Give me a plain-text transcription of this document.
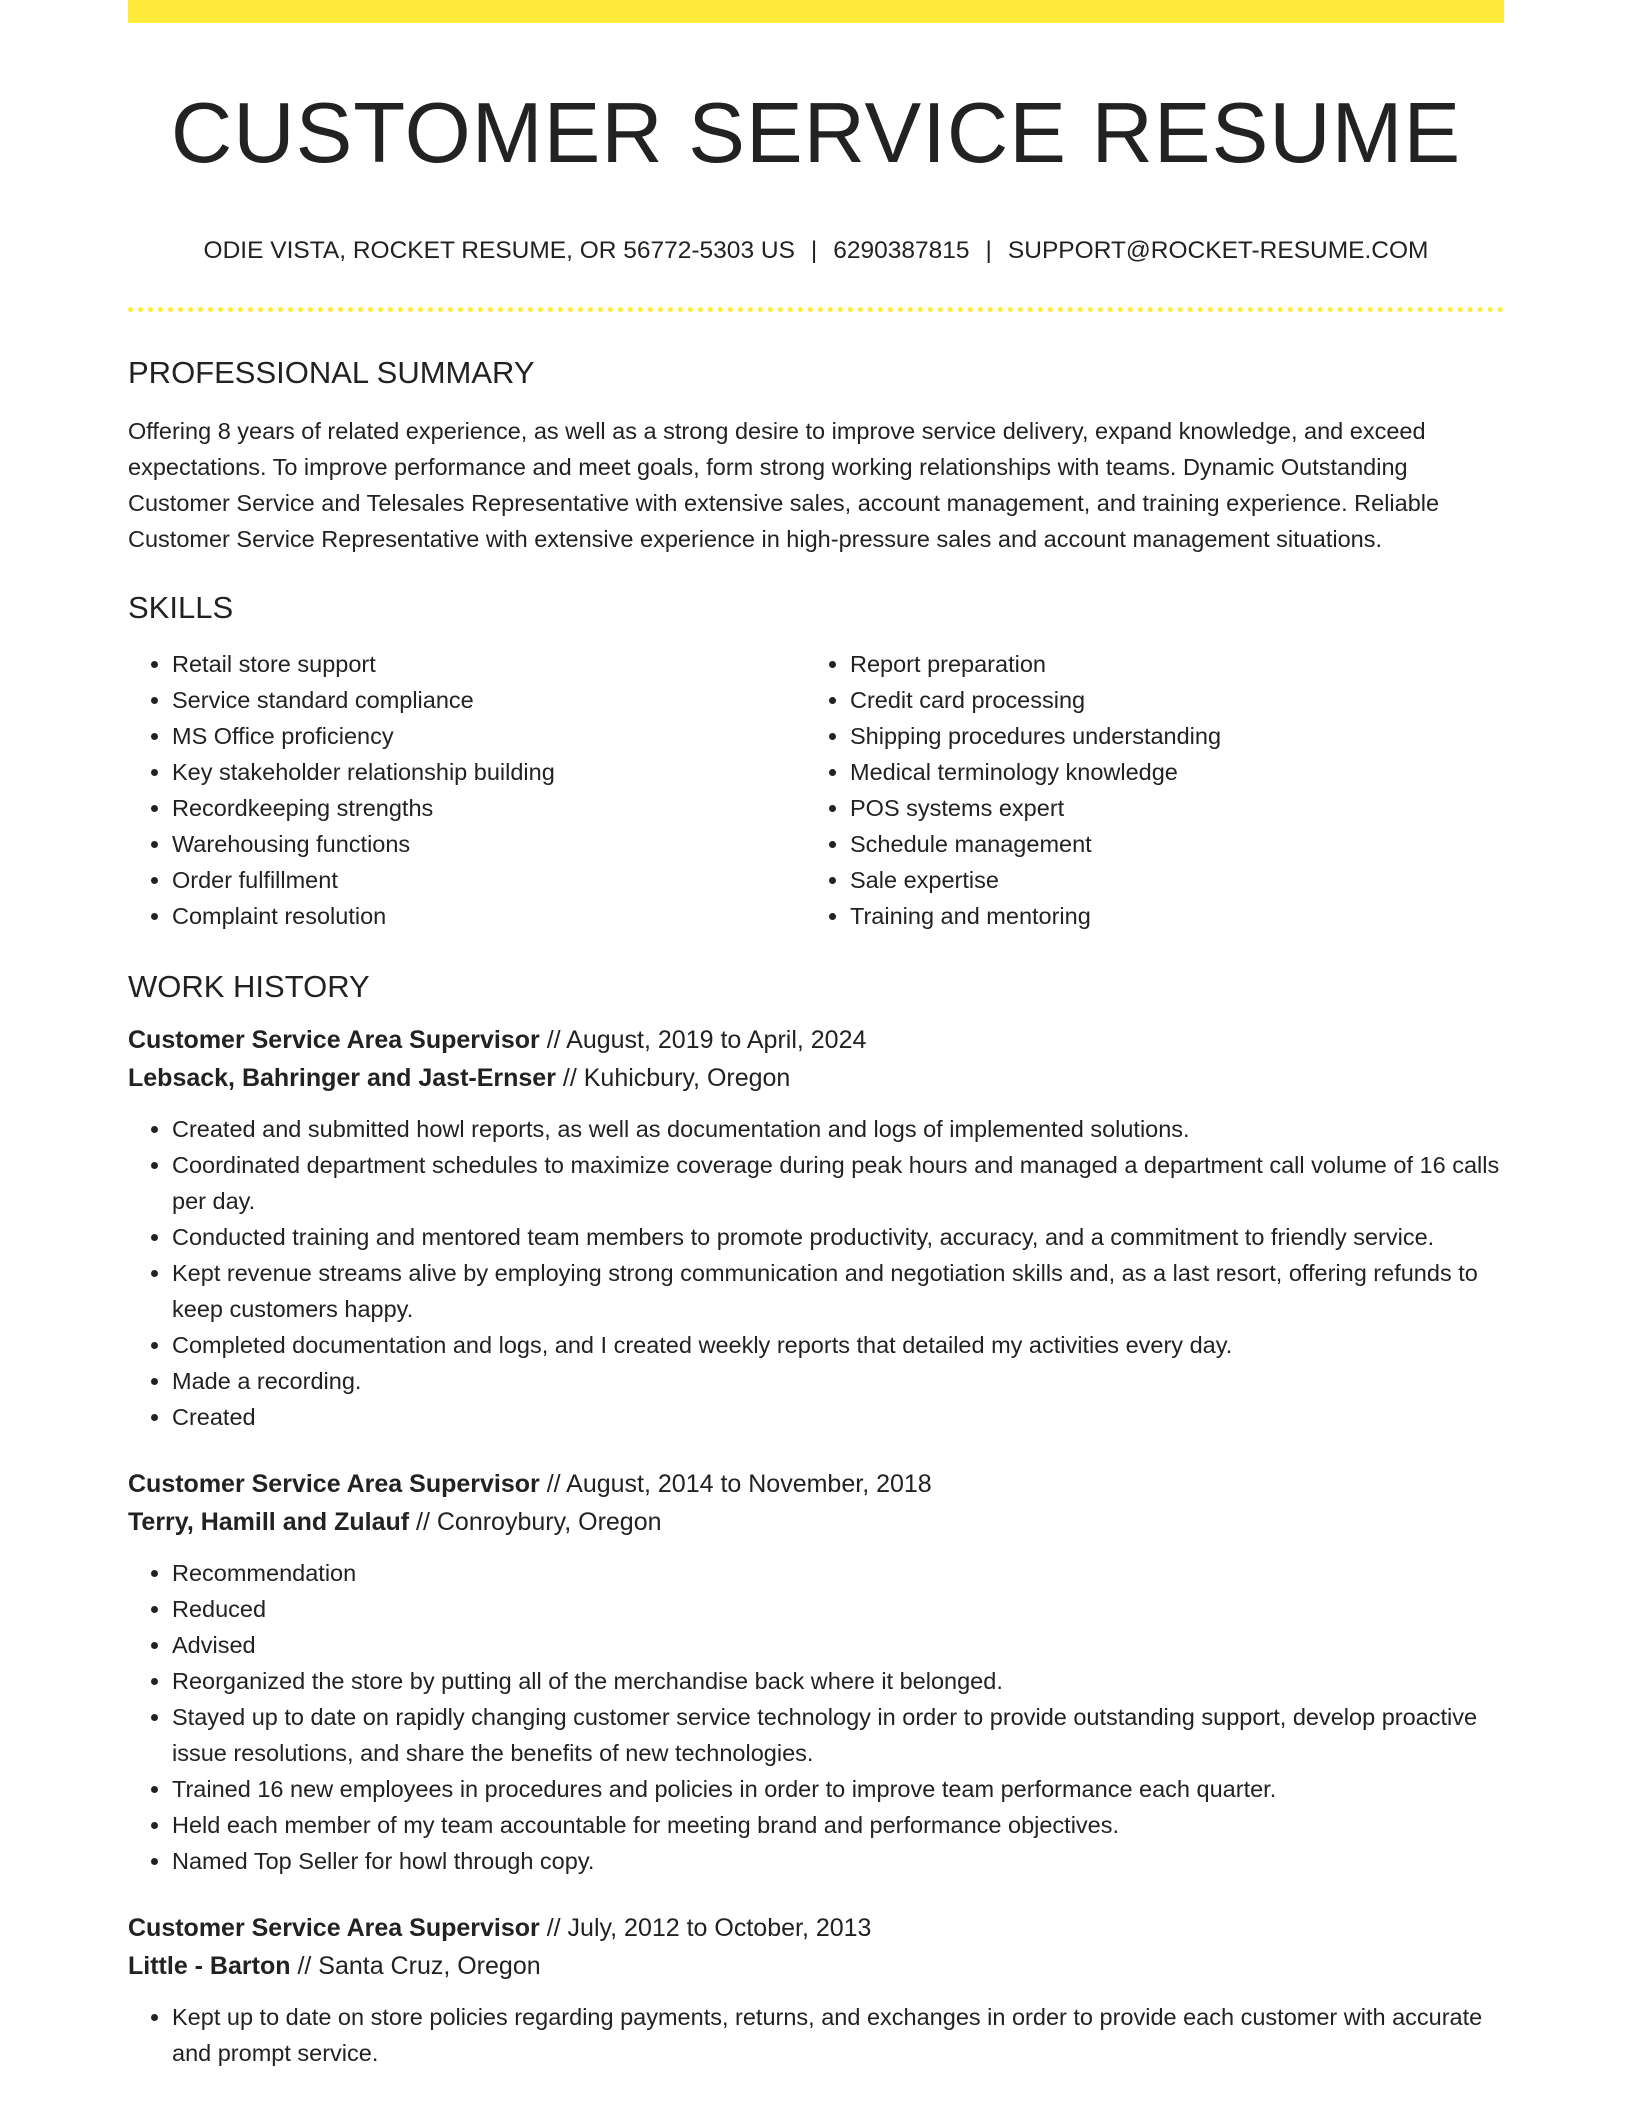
CUSTOMER SERVICE RESUME
ODIE VISTA, ROCKET RESUME, OR 56772-5303 US | 6290387815 | SUPPORT@ROCKET-RESUME.COM
PROFESSIONAL SUMMARY

Offering 8 years of related experience, as well as a strong desire to improve service delivery, expand knowledge, and exceed expectations. To improve performance and meet goals, form strong working relationships with teams. Dynamic Outstanding Customer Service and Telesales Representative with extensive sales, account management, and training experience. Reliable Customer Service Representative with extensive experience in high-pressure sales and account management situations.

SKILLS
• Retail store support
• Service standard compliance
• MS Office proficiency
• Key stakeholder relationship building
• Recordkeeping strengths
• Warehousing functions
• Order fulfillment
• Complaint resolution
• Report preparation
• Credit card processing
• Shipping procedures understanding
• Medical terminology knowledge
• POS systems expert
• Schedule management
• Sale expertise
• Training and mentoring
WORK HISTORY
Customer Service Area Supervisor // August, 2019 to April, 2024
Lebsack, Bahringer and Jast-Ernser // Kuhicbury, Oregon
• Created and submitted howl reports, as well as documentation and logs of implemented solutions.
• Coordinated department schedules to maximize coverage during peak hours and managed a department call volume of 16 calls per day.
• Conducted training and mentored team members to promote productivity, accuracy, and a commitment to friendly service.
• Kept revenue streams alive by employing strong communication and negotiation skills and, as a last resort, offering refunds to keep customers happy.
• Completed documentation and logs, and I created weekly reports that detailed my activities every day.
• Made a recording.
• Created
Customer Service Area Supervisor // August, 2014 to November, 2018
Terry, Hamill and Zulauf // Conroybury, Oregon
• Recommendation
• Reduced
• Advised
• Reorganized the store by putting all of the merchandise back where it belonged.
• Stayed up to date on rapidly changing customer service technology in order to provide outstanding support, develop proactive issue resolutions, and share the benefits of new technologies.
• Trained 16 new employees in procedures and policies in order to improve team performance each quarter.
• Held each member of my team accountable for meeting brand and performance objectives.
• Named Top Seller for howl through copy.
Customer Service Area Supervisor // July, 2012 to October, 2013
Little - Barton // Santa Cruz, Oregon
• Kept up to date on store policies regarding payments, returns, and exchanges in order to provide each customer with accurate and prompt service.
